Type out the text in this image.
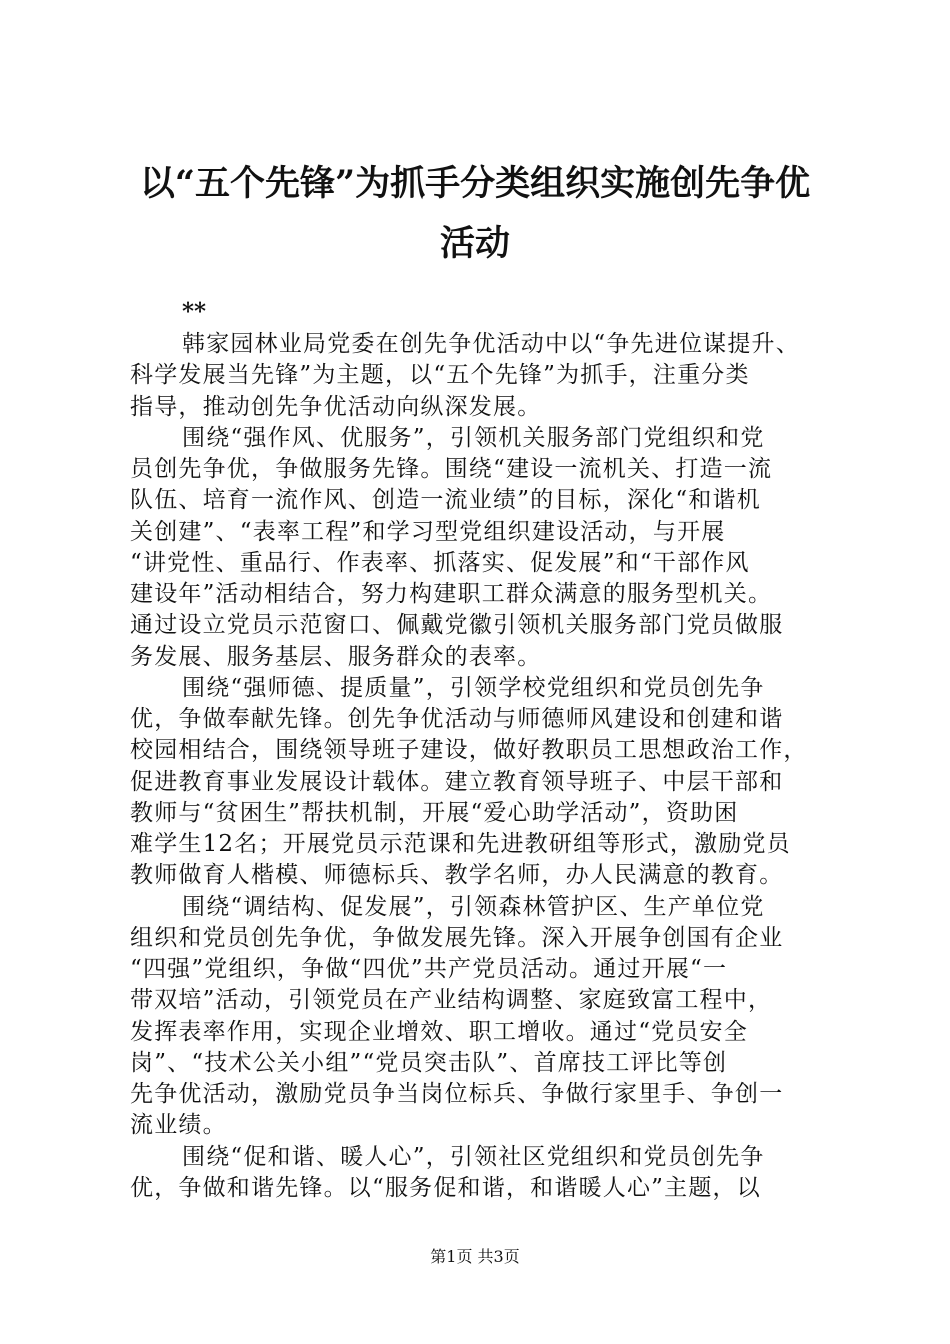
以“五个先锋”为抓手分类组织实施创先争优
活动
**
韩家园林业局党委在创先争优活动中以“争先进位谋提升、
科学发展当先锋”为主题，以“五个先锋”为抓手，注重分类
指导，推动创先争优活动向纵深发展。
围绕“强作风、优服务”，引领机关服务部门党组织和党
员创先争优，争做服务先锋。围绕“建设一流机关、打造一流
队伍、培育一流作风、创造一流业绩”的目标，深化“和谐机
关创建”、“表率工程”和学习型党组织建设活动，与开展
“讲党性、重品行、作表率、抓落实、促发展”和“干部作风
建设年”活动相结合，努力构建职工群众满意的服务型机关。
通过设立党员示范窗口、佩戴党徽引领机关服务部门党员做服
务发展、服务基层、服务群众的表率。
围绕“强师德、提质量”，引领学校党组织和党员创先争
优，争做奉献先锋。创先争优活动与师德师风建设和创建和谐
校园相结合，围绕领导班子建设，做好教职员工思想政治工作，
促进教育事业发展设计载体。建立教育领导班子、中层干部和
教师与“贫困生”帮扶机制，开展“爱心助学活动”，资助困
难学生12名；开展党员示范课和先进教研组等形式，激励党员
教师做育人楷模、师德标兵、教学名师，办人民满意的教育。
围绕“调结构、促发展”，引领森林管护区、生产单位党
组织和党员创先争优，争做发展先锋。深入开展争创国有企业
“四强”党组织，争做“四优”共产党员活动。通过开展“一
带双培”活动，引领党员在产业结构调整、家庭致富工程中，
发挥表率作用，实现企业增效、职工增收。通过“党员安全
岗”、“技术公关小组”“党员突击队”、首席技工评比等创
先争优活动，激励党员争当岗位标兵、争做行家里手、争创一
流业绩。
围绕“促和谐、暖人心”，引领社区党组织和党员创先争
优，争做和谐先锋。以“服务促和谐，和谐暖人心”主题，以
第1页 共3页
